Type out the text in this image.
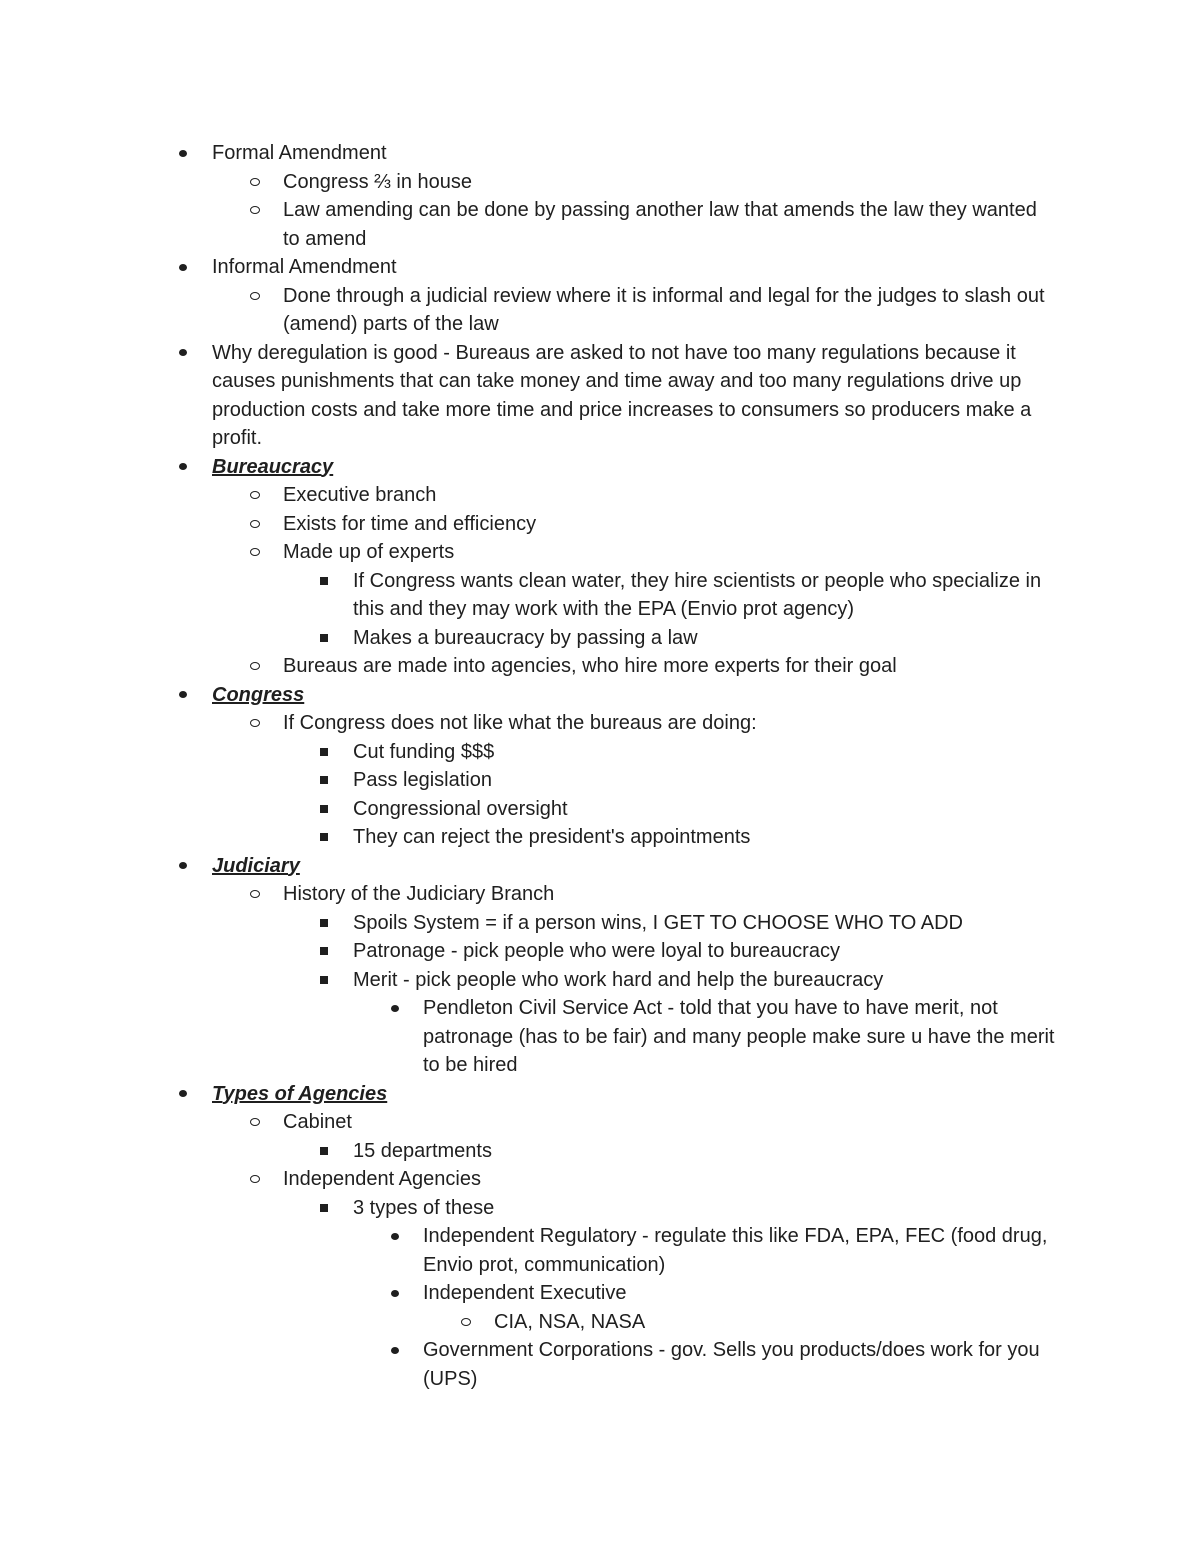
Formal Amendment
Congress ⅔ in house
Law amending can be done by passing another law that amends the law they wanted to amend
Informal Amendment
Done through a judicial review where it is informal and legal for the judges to slash out (amend) parts of the law
Why deregulation is good - Bureaus are asked to not have too many regulations because it causes punishments that can take money and time away and too many regulations drive up production costs and take more time and price increases to consumers so producers make a profit.
Bureaucracy
Executive branch
Exists for time and efficiency
Made up of experts
If Congress wants clean water, they hire scientists or people who specialize in this and they may work with the EPA (Envio prot agency)
Makes a bureaucracy by passing a law
Bureaus are made into agencies, who hire more experts for their goal
Congress
If Congress does not like what the bureaus are doing:
Cut funding $$$
Pass legislation
Congressional oversight
They can reject the president's appointments
Judiciary
History of the Judiciary Branch
Spoils System = if a person wins, I GET TO CHOOSE WHO TO ADD
Patronage - pick people who were loyal to bureaucracy
Merit - pick people who work hard and help the bureaucracy
Pendleton Civil Service Act - told that you have to have merit, not patronage (has to be fair) and many people make sure u have the merit to be hired
Types of Agencies
Cabinet
15 departments
Independent Agencies
3 types of these
Independent Regulatory - regulate this like FDA, EPA, FEC (food drug, Envio prot, communication)
Independent Executive
CIA, NSA, NASA
Government Corporations - gov. Sells you products/does work for you (UPS)
